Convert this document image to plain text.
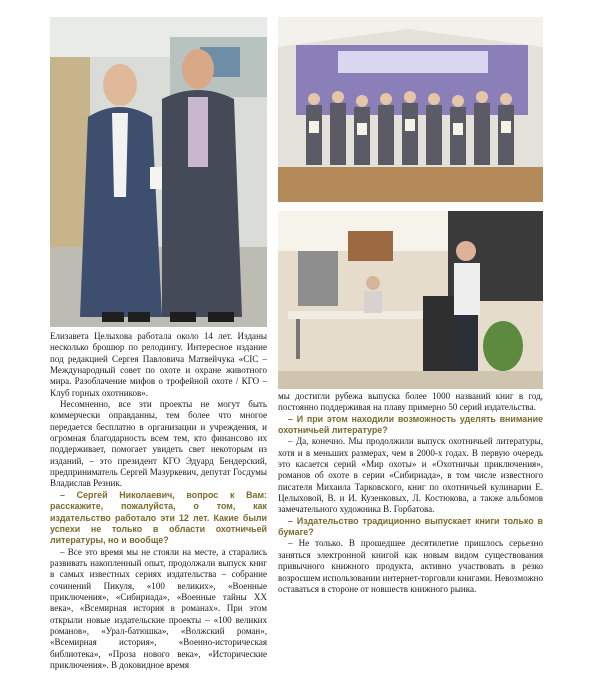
Елизавета Целыхова работала около 14 лет. Изданы несколько брошюр по релодингу. Интересное издание под редакцией Сергея Павловича Матвейчука «CIC – Международный совет по охоте и охране животного мира. Разоблачение мифов о трофейной охоте / КГО – Клуб горных охотников».

Несомненно, все эти проекты не могут быть коммерчески оправданны, тем более что многое передается бесплатно в организации и учреждения, и огромная благодарность всем тем, кто финансово их поддерживает, помогает увидеть свет некоторым из изданий, – это президент КГО Эдуард Бендерский, предприниматель Сергей Мазуркевич, депутат Госдумы Владислав Резник.

– Сергей Николаевич, вопрос к Вам: расскажите, пожалуйста, о том, как издательство работало эти 12 лет. Какие были успехи не только в области охотничьей литературы, но и вообще?

– Все это время мы не стояли на месте, а старались развивать накопленный опыт, продолжали выпуск книг в самых известных сериях издательства – собрание сочинений Пикуля, «100 великих», «Военные приключения», «Сибириада», «Военные тайны ХХ века», «Всемирная история в романах». При этом открыли новые издательские проекты – «100 великих романов», «Урал-батюшка», «Волжский роман», «Всемирная история», «Военно-историческая библиотека», «Проза нового века», «Исторические приключения». В доковидное время

мы достигли рубежа выпуска более 1000 названий книг в год, постоянно поддерживая на плаву примерно 50 серий издательства.

– И при этом находили возможность уделять внимание охотничьей литературе?

– Да, конечно. Мы продолжили выпуск охотничьей литературы, хотя и в меньших размерах, чем в 2000-х годах. В первую очередь это касается серий «Мир охоты» и «Охотничьи приключения», романов об охоте в серии «Сибириада», в том числе известного писателя Михаила Тарковского, книг по охотничьей кулинарии Е. Целыховой, В. и И. Кузенковых, Л. Костюкова, а также альбомов замечательного художника В. Горбатова.

– Издательство традиционно выпускает книги только в бумаге?

– Не только. В прошедшее десятилетие пришлось серьезно заняться электронной книгой как новым видом существования привычного книжного продукта, активно участвовать в резко возросшем использовании интернет-торговли книгами. Невозможно оставаться в стороне от новшеств книжного рынка.
